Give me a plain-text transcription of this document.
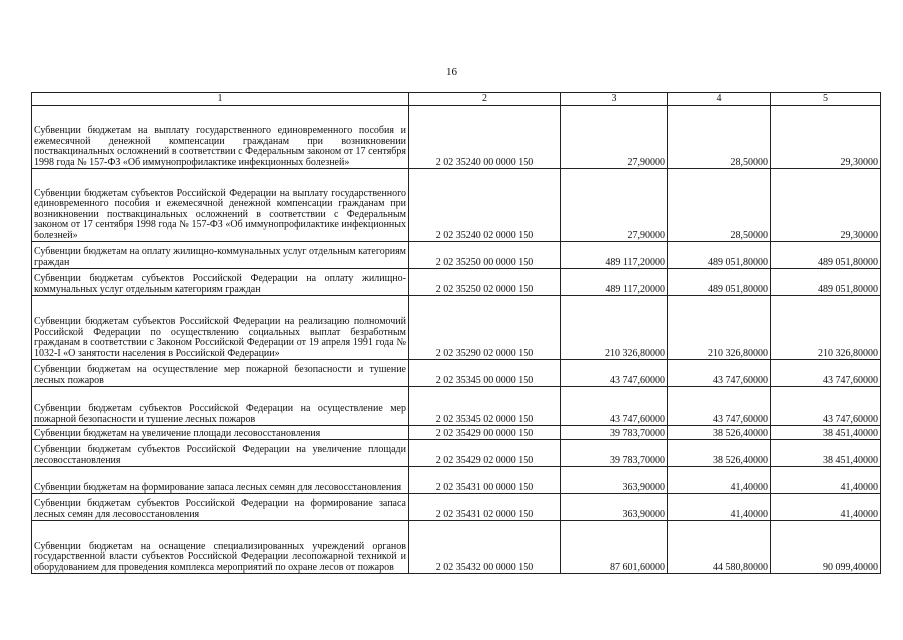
16
1	2	3	4	5
Субвенции бюджетам на выплату государственного единовременного пособия и ежемесячной денежной компенсации гражданам при возникновении поствакцинальных осложнений в соответствии с Федеральным законом от 17 сентября 1998 года № 157-ФЗ «Об иммунопрофилактике инфекционных болезней»	2 02 35240 00 0000 150	27,90000	28,50000	29,30000
Субвенции бюджетам субъектов Российской Федерации на выплату государственного единовременного пособия и ежемесячной денежной компенсации гражданам при возникновении поствакцинальных осложнений в соответствии с Федеральным законом от 17 сентября 1998 года № 157-ФЗ «Об иммунопрофилактике инфекционных болезней»	2 02 35240 02 0000 150	27,90000	28,50000	29,30000
Субвенции бюджетам на оплату жилищно-коммунальных услуг отдельным категориям граждан	2 02 35250 00 0000 150	489 117,20000	489 051,80000	489 051,80000
Субвенции бюджетам субъектов Российской Федерации на оплату жилищно-коммунальных услуг отдельным категориям граждан	2 02 35250 02 0000 150	489 117,20000	489 051,80000	489 051,80000
Субвенции бюджетам субъектов Российской Федерации на реализацию полномочий Российской Федерации по осуществлению социальных выплат безработным гражданам в соответствии с Законом Российской Федерации от 19 апреля 1991 года № 1032-I «О занятости населения в Российской Федерации»	2 02 35290 02 0000 150	210 326,80000	210 326,80000	210 326,80000
Субвенции бюджетам на осуществление мер пожарной безопасности и тушение лесных пожаров	2 02 35345 00 0000 150	43 747,60000	43 747,60000	43 747,60000
Субвенции бюджетам субъектов Российской Федерации на осуществление мер пожарной безопасности и тушение лесных пожаров	2 02 35345 02 0000 150	43 747,60000	43 747,60000	43 747,60000
Субвенции бюджетам на увеличение площади лесовосстановления	2 02 35429 00 0000 150	39 783,70000	38 526,40000	38 451,40000
Субвенции бюджетам субъектов Российской Федерации на увеличение площади лесовосстановления	2 02 35429 02 0000 150	39 783,70000	38 526,40000	38 451,40000
Субвенции бюджетам на формирование запаса лесных семян для лесовосстановления	2 02 35431 00 0000 150	363,90000	41,40000	41,40000
Субвенции бюджетам субъектов Российской Федерации на формирование запаса лесных семян для лесовосстановления	2 02 35431 02 0000 150	363,90000	41,40000	41,40000
Субвенции бюджетам на оснащение специализированных учреждений органов государственной власти субъектов Российской Федерации лесопожарной техникой и оборудованием для проведения комплекса мероприятий по охране лесов от пожаров	2 02 35432 00 0000 150	87 601,60000	44 580,80000	90 099,40000
